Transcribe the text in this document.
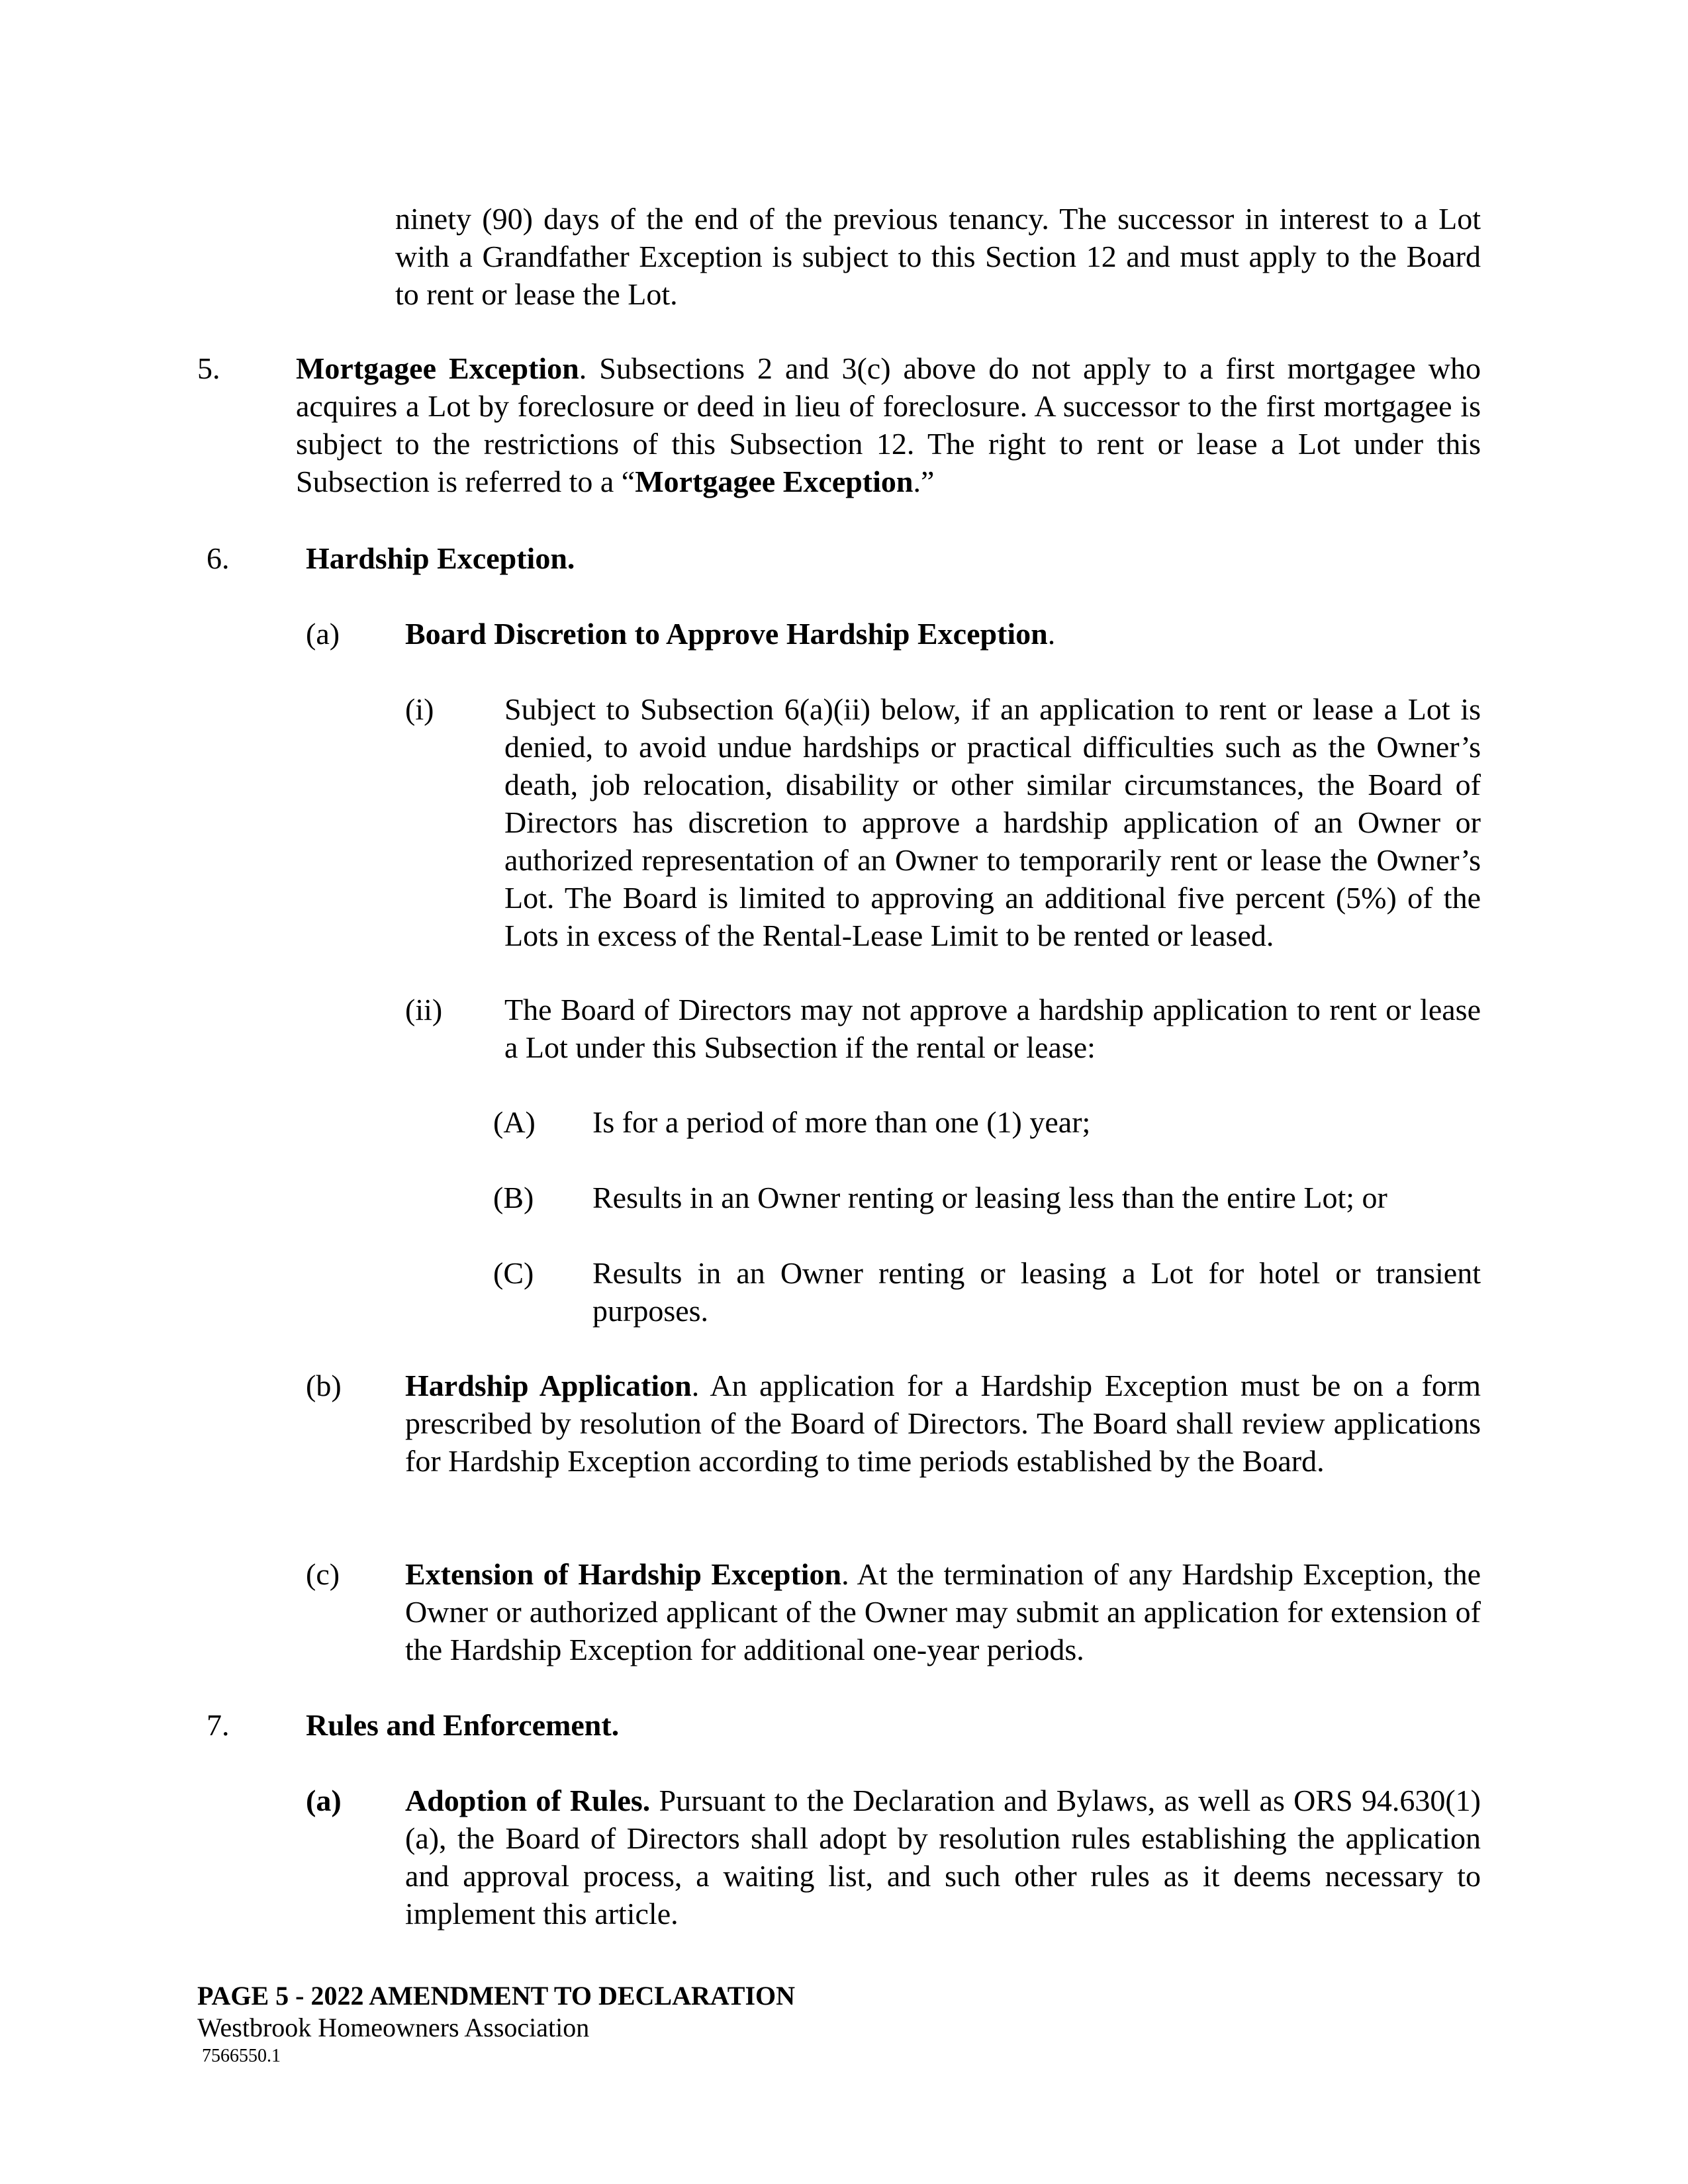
ninety (90) days of the end of the previous tenancy. The successor in interest to a Lot with a Grandfather Exception is subject to this Section 12 and must apply to the Board to rent or lease the Lot.
5. Mortgagee Exception. Subsections 2 and 3(c) above do not apply to a first mortgagee who acquires a Lot by foreclosure or deed in lieu of foreclosure. A successor to the first mortgagee is subject to the restrictions of this Subsection 12. The right to rent or lease a Lot under this Subsection is referred to a “Mortgagee Exception.”
6.	Hardship Exception.
(a) Board Discretion to Approve Hardship Exception.
(i) Subject to Subsection 6(a)(ii) below, if an application to rent or lease a Lot is denied, to avoid undue hardships or practical difficulties such as the Owner’s death, job relocation, disability or other similar circumstances, the Board of Directors has discretion to approve a hardship application of an Owner or authorized representation of an Owner to temporarily rent or lease the Owner’s Lot. The Board is limited to approving an additional five percent (5%) of the Lots in excess of the Rental-Lease Limit to be rented or leased.
(ii) The Board of Directors may not approve a hardship application to rent or lease a Lot under this Subsection if the rental or lease:
(A) Is for a period of more than one (1) year;
(B) Results in an Owner renting or leasing less than the entire Lot; or
(C) Results in an Owner renting or leasing a Lot for hotel or transient purposes.
(b) Hardship Application. An application for a Hardship Exception must be on a form prescribed by resolution of the Board of Directors. The Board shall review applications for Hardship Exception according to time periods established by the Board.
(c) Extension of Hardship Exception. At the termination of any Hardship Exception, the Owner or authorized applicant of the Owner may submit an application for extension of the Hardship Exception for additional one-year periods.
7.	Rules and Enforcement.
(a) Adoption of Rules. Pursuant to the Declaration and Bylaws, as well as ORS 94.630(1)(a), the Board of Directors shall adopt by resolution rules establishing the application and approval process, a waiting list, and such other rules as it deems necessary to implement this article.
PAGE 5 - 2022 AMENDMENT TO DECLARATION
Westbrook Homeowners Association
7566550.1
